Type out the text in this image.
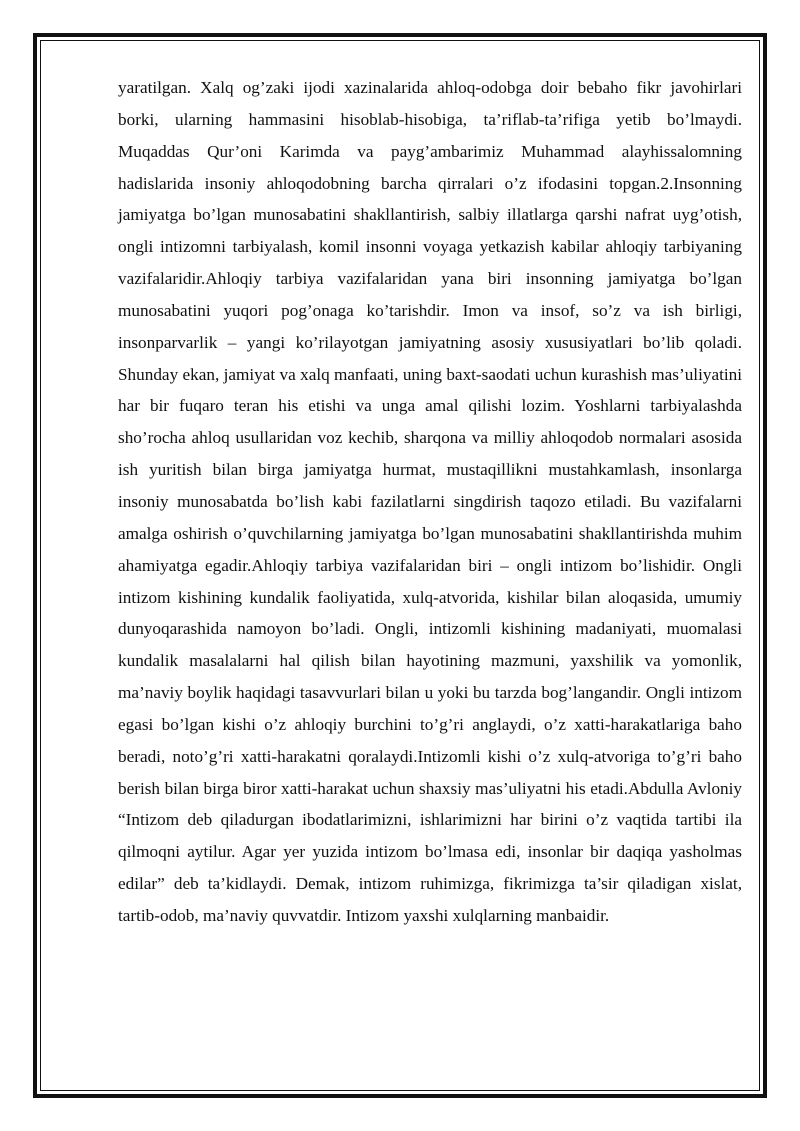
yaratilgan. Xalq og’zaki ijodi xazinalarida ahloq-odobga doir bebaho fikr javohirlari borki, ularning hammasini hisoblab-hisobiga, ta’riflab-ta’rifiga yetib bo’lmaydi. Muqaddas Qur’oni Karimda va payg’ambarimiz Muhammad alayhissalomning hadislarida insoniy ahloqodobning barcha qirralari o’z ifodasini topgan.2.Insonning jamiyatga bo’lgan munosabatini shakllantirish, salbiy illatlarga qarshi nafrat uyg’otish, ongli intizomni tarbiyalash, komil insonni voyaga yetkazish kabilar ahloqiy tarbiyaning vazifalaridir.Ahloqiy tarbiya vazifalaridan yana biri insonning jamiyatga bo’lgan munosabatini yuqori pog’onaga ko’tarishdir. Imon va insof, so’z va ish birligi, insonparvarlik – yangi ko’rilayotgan jamiyatning asosiy xususiyatlari bo’lib qoladi. Shunday ekan, jamiyat va xalq manfaati, uning baxt-saodati uchun kurashish mas’uliyatini har bir fuqaro teran his etishi va unga amal qilishi lozim. Yoshlarni tarbiyalashda sho’rocha ahloq usullaridan voz kechib, sharqona va milliy ahloqodob normalari asosida ish yuritish bilan birga jamiyatga hurmat, mustaqillikni mustahkamlash, insonlarga insoniy munosabatda bo’lish kabi fazilatlarni singdirish taqozo etiladi. Bu vazifalarni amalga oshirish o’quvchilarning jamiyatga bo’lgan munosabatini shakllantirishda muhim ahamiyatga egadir.Ahloqiy tarbiya vazifalaridan biri – ongli intizom bo’lishidir. Ongli intizom kishining kundalik faoliyatida, xulq-atvorida, kishilar bilan aloqasida, umumiy dunyoqarashida namoyon bo’ladi. Ongli, intizomli kishining madaniyati, muomalasi kundalik masalalarni hal qilish bilan hayotining mazmuni, yaxshilik va yomonlik, ma’naviy boylik haqidagi tasavvurlari bilan u yoki bu tarzda bog’langandir. Ongli intizom egasi bo’lgan kishi o’z ahloqiy burchini to’g’ri anglaydi, o’z xatti-harakatlariga baho beradi, noto’g’ri xatti-harakatni qoralaydi.Intizomli kishi o’z xulq-atvoriga to’g’ri baho berish bilan birga biror xatti-harakat uchun shaxsiy mas’uliyatni his etadi.Abdulla Avloniy “Intizom deb qiladurgan ibodatlarimizni, ishlarimizni har birini o’z vaqtida tartibi ila qilmoqni aytilur. Agar yer yuzida intizom bo’lmasa edi, insonlar bir daqiqa yasholmas edilar” deb ta’kidlaydi. Demak, intizom ruhimizga, fikrimizga ta’sir qiladigan xislat, tartib-odob, ma’naviy quvvatdir. Intizom yaxshi xulqlarning manbaidir.
